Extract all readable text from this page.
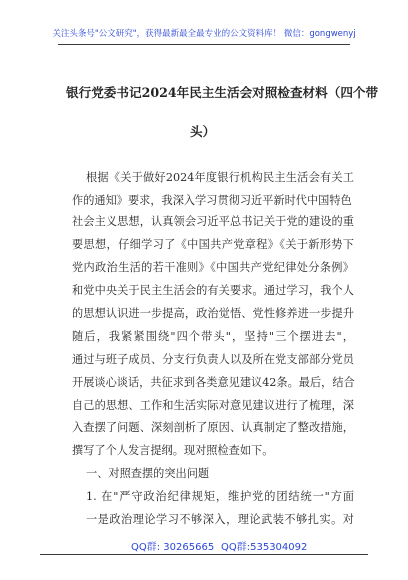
关注头条号"公文研究"，获得最新最全最专业的公文资料库！ 微信：gongwenyj
银行党委书记2024年民主生活会对照检查材料（四个带
头）
根据《关于做好2024年度银行机构民主生活会有关工
作的通知》要求，我深入学习贯彻习近平新时代中国特色
社会主义思想，认真领会习近平总书记关于党的建设的重
要思想，仔细学习了《中国共产党章程》《关于新形势下
党内政治生活的若干准则》《中国共产党纪律处分条例》
和党中央关于民主生活会的有关要求。通过学习，我个人
的思想认识进一步提高，政治觉悟、党性修养进一步提升
随后，我紧紧围绕"四个带头"，坚持"三个摆进去"，
通过与班子成员、分支行负责人以及所在党支部部分党员
开展谈心谈话，共征求到各类意见建议42条。最后，结合
自己的思想、工作和生活实际对意见建议进行了梳理，深
入查摆了问题、深刻剖析了原因、认真制定了整改措施，
撰写了个人发言提纲。现对照检查如下。
一、对照查摆的突出问题
1. 在"严守政治纪律规矩，维护党的团结统一"方面
一是政治理论学习不够深入，理论武装不够扎实。对
QQ群: 30265665 QQ群:535304092
